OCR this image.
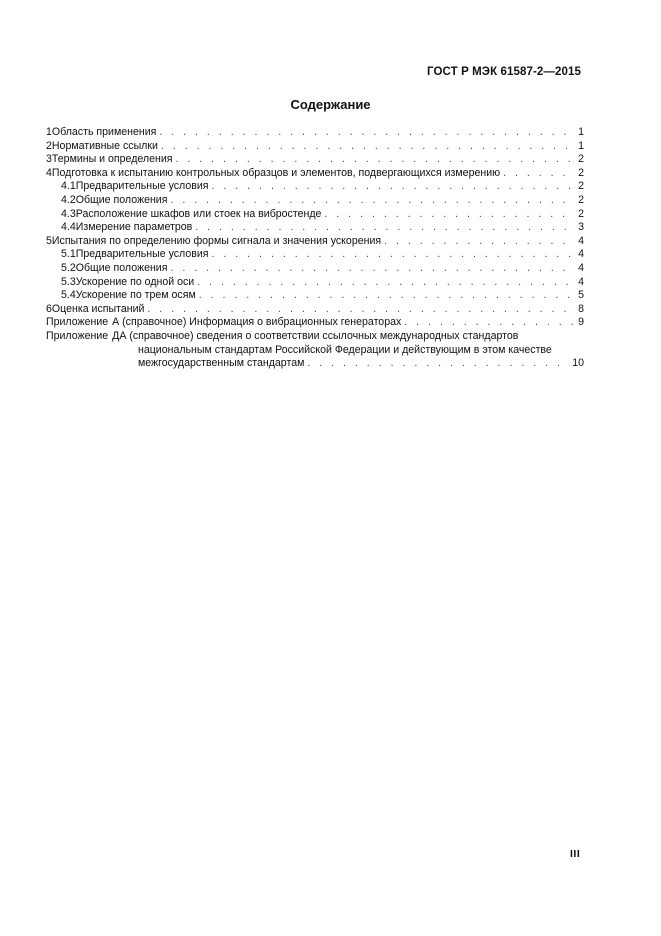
ГОСТ Р МЭК 61587-2—2015
Содержание
1 Область применения . . .	1
2 Нормативные ссылки . . .	1
3 Термины и определения . . .	2
4 Подготовка к испытанию контрольных образцов и элементов, подвергающихся измерению . . .	2
4.1 Предварительные условия . . .	2
4.2 Общие положения . . .	2
4.3 Расположение шкафов или стоек на вибростенде . . .	2
4.4 Измерение параметров . . .	3
5 Испытания по определению формы сигнала и значения ускорения . . .	4
5.1 Предварительные условия . . .	4
5.2 Общие положения . . .	4
5.3 Ускорение по одной оси . . .	4
5.4 Ускорение по трем осям . . .	5
6 Оценка испытаний . . .	8
Приложение А (справочное) Информация о вибрационных генераторах . . .	9
Приложение ДА (справочное) сведения о соответствии ссылочных международных стандартов
национальным стандартам Российской Федерации и действующим в этом качестве
межгосударственным стандартам . . .	10
III
